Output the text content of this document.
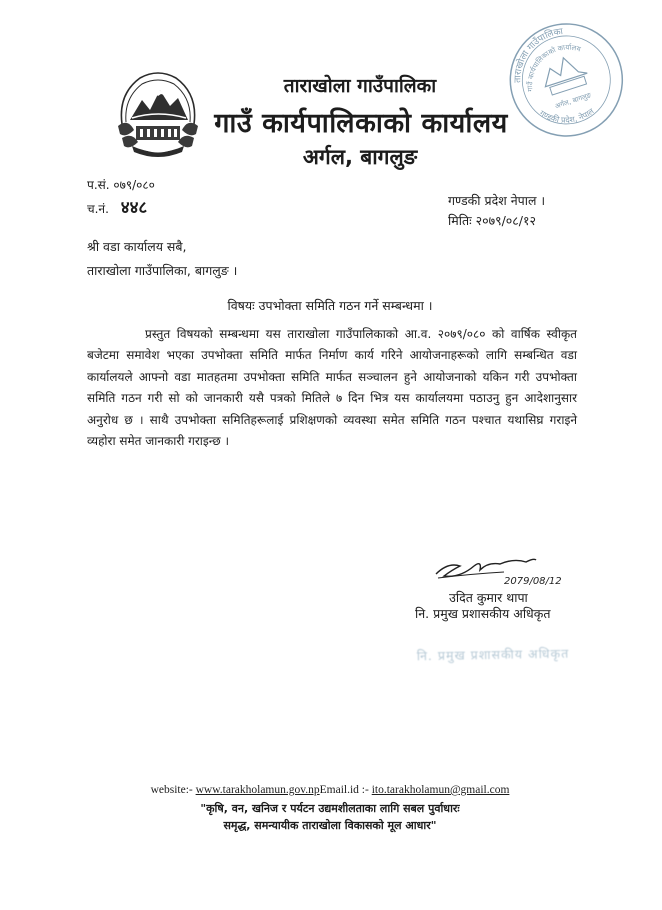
ताराखोला गाउँपालिका
गाउँ कार्यपालिकाको कार्यालय
अर्गल, बागलुङ
ताराखोला गाउँपालिका
गाउँ कार्यपालिकाको कार्यालय
गण्डकी प्रदेश, नेपाल
अर्गल, बागलुङ
प.सं. ०७९/०८०
च.नं. ४४८	गण्डकी प्रदेश नेपाल ।
मितिः २०७९/०८/१२
श्री वडा कार्यालय सबै,
ताराखोला गाउँपालिका, बागलुङ ।
विषयः उपभोक्ता समिति गठन गर्ने सम्बन्धमा ।
प्रस्तुत विषयको सम्बन्धमा यस ताराखोला गाउँपालिकाको आ.व. २०७९/०८० को वार्षिक स्वीकृत बजेटमा समावेश भएका उपभोक्ता समिति मार्फत निर्माण कार्य गरिने आयोजनाहरूको लागि सम्बन्धित वडा कार्यालयले आफ्नो वडा मातहतमा उपभोक्ता समिति मार्फत सञ्चालन हुने आयोजनाको यकिन गरी उपभोक्ता समिति गठन गरी सो को जानकारी यसै पत्रको मितिले ७ दिन भित्र यस कार्यालयमा पठाउनु हुन आदेशानुसार अनुरोध छ । साथै उपभोक्ता समितिहरूलाई प्रशिक्षणको व्यवस्था समेत समिति गठन पश्चात यथासिघ्र गराइने व्यहोरा समेत जानकारी गराइन्छ ।
2079/08/12
उदित कुमार थापा
नि. प्रमुख प्रशासकीय अधिकृत
नि. प्रमुख प्रशासकीय अधिकृत
website:- www.tarakholamun.gov.npEmail.id :- ito.tarakholamun@gmail.com
"कृषि, वन, खनिज र पर्यटन उद्यमशीलताका लागि सबल पुर्वाधारः
समृद्ध, समन्यायीक ताराखोला विकासको मूल आधार"
